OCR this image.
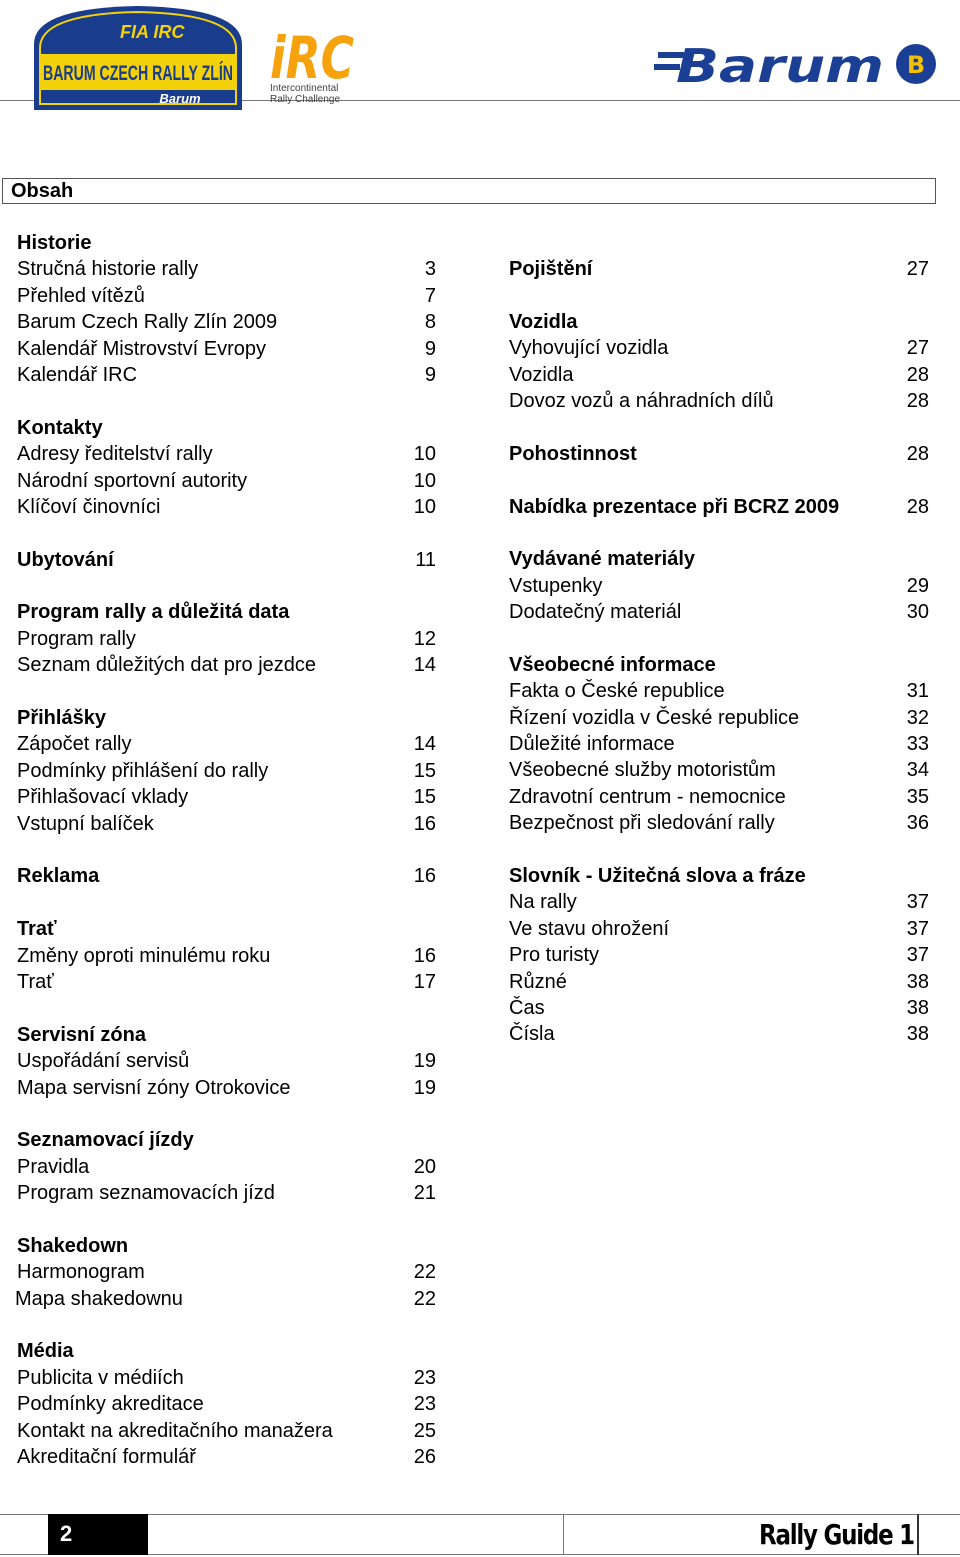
FIA IRC
BARUM CZECH RALLY ZLÍN
Barum
iRC
Intercontinental
Rally Challenge
Barum B
Obsah
Historie
Stručná historie rally	3
Přehled vítězů	7
Barum Czech Rally Zlín 2009	8
Kalendář Mistrovství Evropy	9
Kalendář IRC	9
Kontakty
Adresy ředitelství rally	10
Národní sportovní autority	10
Klíčoví činovníci	10
Ubytování	11
Program rally a důležitá data
Program rally	12
Seznam důležitých dat pro jezdce	14
Přihlášky
Zápočet rally	14
Podmínky přihlášení do rally	15
Přihlašovací vklady	15
Vstupní balíček	16
Reklama	16
Trať
Změny oproti minulému roku	16
Trať	17
Servisní zóna
Uspořádání servisů	19
Mapa servisní zóny Otrokovice	19
Seznamovací jízdy
Pravidla	20
Program seznamovacích jízd	21
Shakedown
Harmonogram	22
Mapa shakedownu	22
Média
Publicita v médiích	23
Podmínky akreditace	23
Kontakt na akreditačního manažera	25
Akreditační formulář	26
Pojištění	27
Vozidla
Vyhovující vozidla	27
Vozidla	28
Dovoz vozů a náhradních dílů	28
Pohostinnost	28
Nabídka prezentace při BCRZ 2009	28
Vydávané materiály
Vstupenky	29
Dodatečný materiál	30
Všeobecné informace
Fakta o České republice	31
Řízení vozidla v České republice	32
Důležité informace	33
Všeobecné služby motoristům	34
Zdravotní centrum - nemocnice	35
Bezpečnost při sledování rally	36
Slovník - Užitečná slova a fráze
Na rally	37
Ve stavu ohrožení	37
Pro turisty	37
Různé	38
Čas	38
Čísla	38
2	Rally Guide 1
